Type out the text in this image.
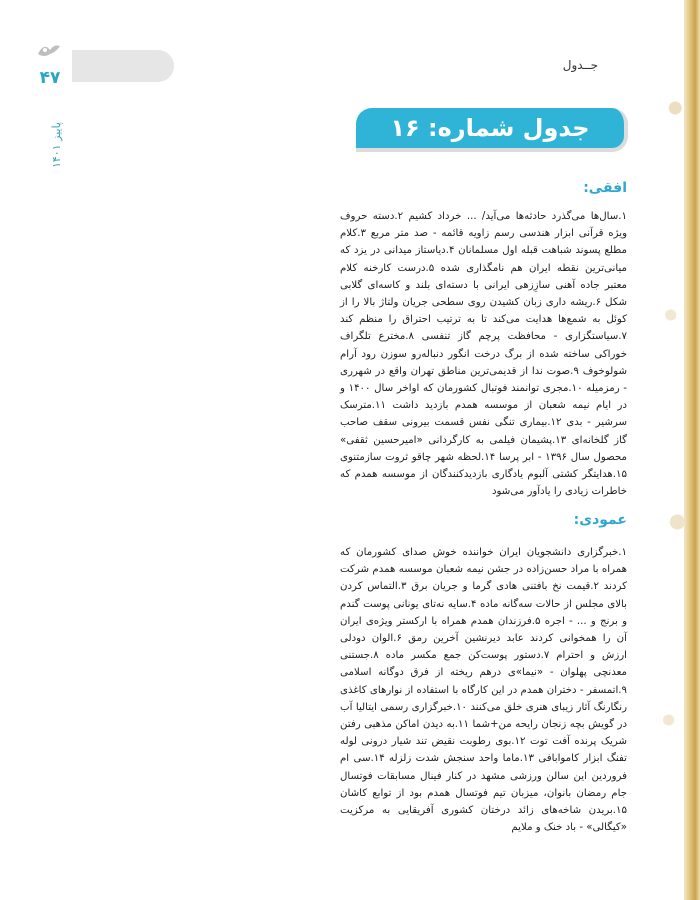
۴۷
پاییز ۱۴۰۱
جــدول
جدول شماره: ۱۶
افقی:

۱.سال‌ها می‌گذرد حادثه‌ها می‌آید/ ... خرداد کشیم ۲.دسته حروف ویژه قرآنی ابزار هندسی رسم زاویه قائمه - صد متر مربع ۳.کلام مطلع پسوند شباهت قبله اول مسلمانان ۴.دیاستاز میدانی در یزد که میانی‌ترین نقطه ایران هم نامگذاری شده ۵.درست کارخنه کلام معتبر جاده آهنی سازِزهی ایرانی با دسته‌ای بلند و کاسه‌ای گلابی شکل ۶.ریشه داری زبان کشیدن روی سطحی جریان ولتاژ بالا را از کوئل به شمع‌ها هدایت می‌کند تا به ترتیب احتراق را منظم کند ۷.سیاستگزاری - محافظت پرچم گاز تنفسی ۸.مخترع تلگراف خوراکی ساخته شده از برگ درخت انگور دنباله‌رو سوزن رود آرام شولوخوف ۹.صوت ندا از قدیمی‌ترین مناطق تهران واقع در شهرری - رمزمیله ۱۰.مجری توانمند فوتبال کشورمان که اواخر سال ۱۴۰۰ و در ایام نیمه شعبان از موسسه همدم بازدید داشت ۱۱.مترسک سرشیر - بدی ۱۲.بیماری تنگی نفس قسمت بیرونی سقف صاحب گاز گلخانه‌ای ۱۳.پشیمان فیلمی به کارگردانی «امیرحسین ثقفی» محصول سال ۱۳۹۶ - ابر پرسا ۱۴.لحظه شهر چاقو ثروت سازمتنوی ۱۵.هدایتگر کشتی آلبوم یادگاری بازدیدکنندگان از موسسه همدم که خاطرات زیادی را یادآور می‌شود

عمودی:

۱.خبرگزاری دانشجویان ایران خواننده خوش صدای کشورمان که همراه با مراد حسن‌زاده در جشن نیمه شعبان موسسه همدم شرکت کردند ۲.قیمت نخ بافتنی هادی گرما و جریان برق ۳.التماس کردن بالای مجلس از حالات سه‌گانه ماده ۴.سایه نه‌تای یونانی پوست گندم و برنج و ... - اجره ۵.فرزندان همدم همراه با ارکستر ویژه‌ی ایران آن را همخوانی کردند عابد دیرنشین آخرین رمق ۶.الوان دودلی ارزش و احترام ۷.دستور پوست‌کن جمع مکسر ماده ۸.جستنی معدنچی پهلوان - «نیما»ی درهم ریخته از فرق دوگانه اسلامی ۹.اتمسفر - دختران همدم در این کارگاه با استفاده از نوارهای کاغذی رنگارنگ آثار زیبای هنری خلق می‌کنند ۱۰.خبرگزاری رسمی ایتالیا آب در گویش بچه زنجان رایحه من+شما ۱۱.به دیدن اماکن مذهبی رفتن شریک پرنده آفت توت ۱۲.بوی رطوبت نقیض تند شیار درونی لوله تفنگ ابزار کاموابافی ۱۳.ماما واحد سنجش شدت زلزله ۱۴.سی ام فروردین این سالن ورزشی مشهد در کنار فینال مسابقات فوتسال جام رمضان بانوان، میزبان تیم فوتسال همدم بود از توابع کاشان ۱۵.بریدن شاخه‌های زائد درختان کشوری آفریقایی به مرکزیت «کیگالی» - باد خنک و ملایم
